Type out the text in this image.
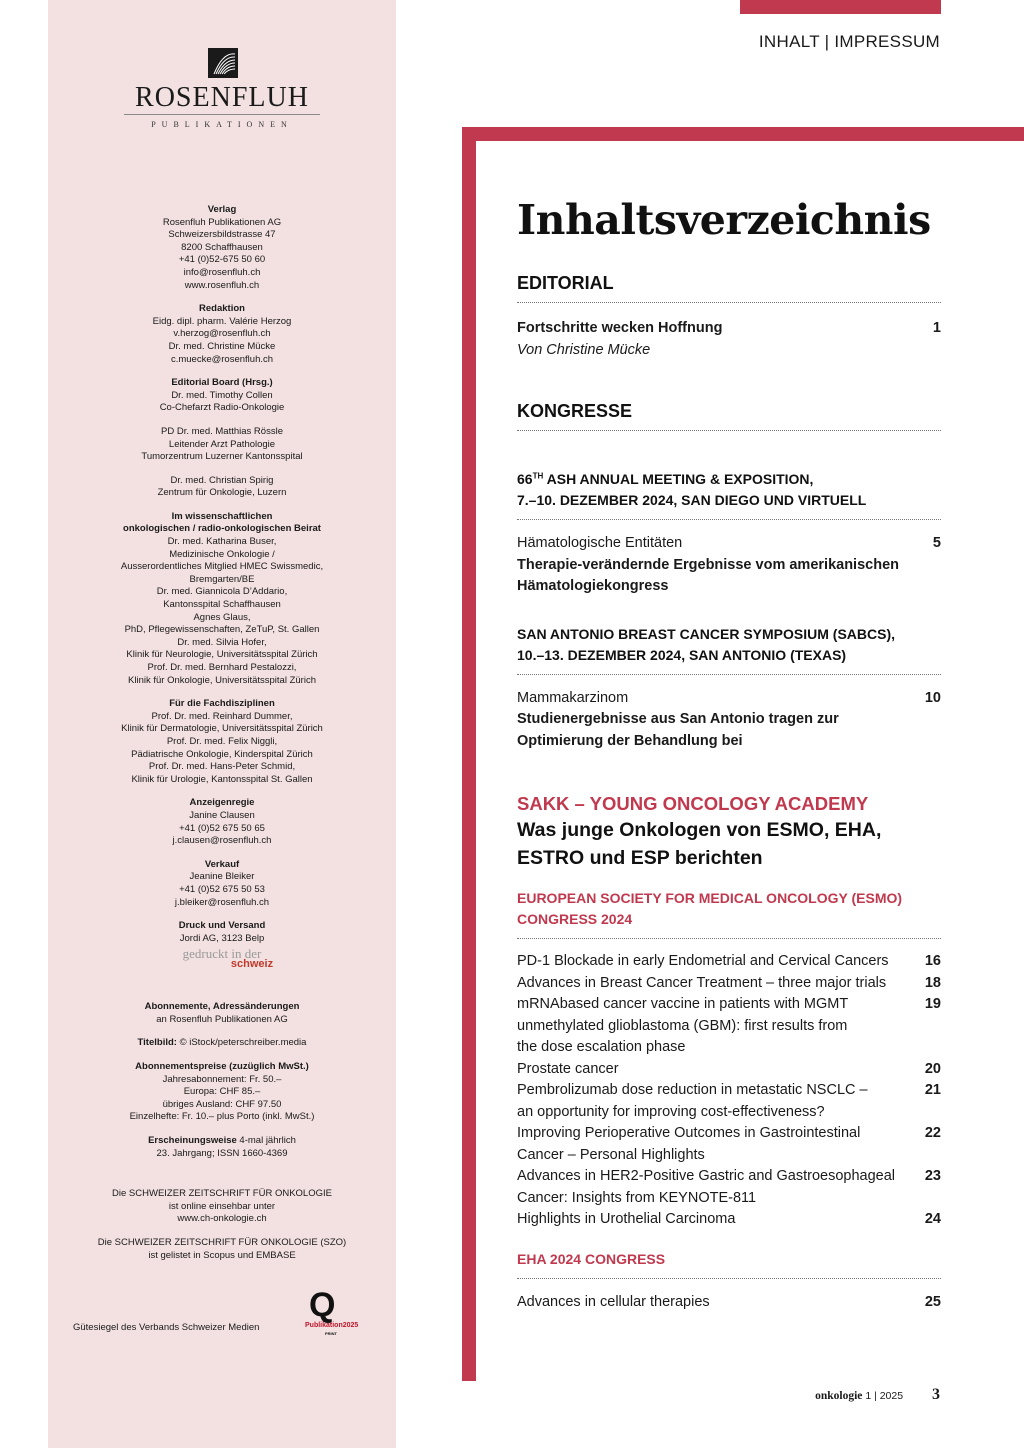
ROSENFLUH
PUBLIKATIONEN
Verlag
Rosenfluh Publikationen AG
Schweizersbildstrasse 47
8200 Schaffhausen
+41 (0)52-675 50 60
info@rosenfluh.ch
www.rosenfluh.ch
Redaktion
Eidg. dipl. pharm. Valérie Herzog
v.herzog@rosenfluh.ch
Dr. med. Christine Mücke
c.muecke@rosenfluh.ch
Editorial Board (Hrsg.)
Dr. med. Timothy Collen
Co-Chefarzt Radio-Onkologie
PD Dr. med. Matthias Rössle
Leitender Arzt Pathologie
Tumorzentrum Luzerner Kantonsspital
Dr. med. Christian Spirig
Zentrum für Onkologie, Luzern
Im wissenschaftlichen
onkologischen / radio-onkologischen Beirat
Dr. med. Katharina Buser,
Medizinische Onkologie /
Ausserordentliches Mitglied HMEC Swissmedic,
Bremgarten/BE
Dr. med. Giannicola D’Addario,
Kantonsspital Schaffhausen
Agnes Glaus,
PhD, Pflegewissenschaften, ZeTuP, St. Gallen
Dr. med. Silvia Hofer,
Klinik für Neurologie, Universitätsspital Zürich
Prof. Dr. med. Bernhard Pestalozzi,
Klinik für Onkologie, Universitätsspital Zürich
Für die Fachdisziplinen
Prof. Dr. med. Reinhard Dummer,
Klinik für Dermatologie, Universitätsspital Zürich
Prof. Dr. med. Felix Niggli,
Pädiatrische Onkologie, Kinderspital Zürich
Prof. Dr. med. Hans-Peter Schmid,
Klinik für Urologie, Kantonsspital St. Gallen
Anzeigenregie
Janine Clausen
+41 (0)52 675 50 65
j.clausen@rosenfluh.ch
Verkauf
Jeanine Bleiker
+41 (0)52 675 50 53
j.bleiker@rosenfluh.ch
Druck und Versand
Jordi AG, 3123 Belp
gedruckt in der
schweiz
Abonnemente, Adressänderungen
an Rosenfluh Publikationen AG
Titelbild: © iStock/peterschreiber.media
Abonnementspreise (zuzüglich MwSt.)
Jahresabonnement: Fr. 50.–
Europa: CHF 85.–
übriges Ausland: CHF 97.50
Einzelhefte: Fr. 10.– plus Porto (inkl. MwSt.)
Erscheinungsweise 4-mal jährlich
23. Jahrgang; ISSN 1660-4369
Die SCHWEIZER ZEITSCHRIFT FÜR ONKOLOGIE
ist online einsehbar unter
www.ch-onkologie.ch
Die SCHWEIZER ZEITSCHRIFT FÜR ONKOLOGIE (SZO)
ist gelistet in Scopus und EMBASE
Gütesiegel des Verbands Schweizer Medien
Q
Publikation2025
PRINT
INHALT | IMPRESSUM
Inhaltsverzeichnis
EDITORIAL
Fortschritte wecken Hoffnung	1
Von Christine Mücke
KONGRESSE
66TH ASH ANNUAL MEETING & EXPOSITION,
7.–10. DEZEMBER 2024, SAN DIEGO UND VIRTUELL
Hämatologische Entitäten	5
Therapie-verändernde Ergebnisse vom amerikanischen
Hämatologiekongress
SAN ANTONIO BREAST CANCER SYMPOSIUM (SABCS),
10.–13. DEZEMBER 2024, SAN ANTONIO (TEXAS)
Mammakarzinom	10
Studienergebnisse aus San Antonio tragen zur
Optimierung der Behandlung bei
SAKK – YOUNG ONCOLOGY ACADEMY
Was junge Onkologen von ESMO, EHA,
ESTRO und ESP berichten
EUROPEAN SOCIETY FOR MEDICAL ONCOLOGY (ESMO)
CONGRESS 2024
PD-1 Blockade in early Endometrial and Cervical Cancers	16
Advances in Breast Cancer Treatment – three major trials	18
mRNAbased cancer vaccine in patients with MGMT	19
unmethylated glioblastoma (GBM): first results from
the dose escalation phase
Prostate cancer	20
Pembrolizumab dose reduction in metastatic NSCLC –	21
an opportunity for improving cost-effectiveness?
Improving Perioperative Outcomes in Gastrointestinal	22
Cancer – Personal Highlights
Advances in HER2-Positive Gastric and Gastroesophageal	23
Cancer: Insights from KEYNOTE-811
Highlights in Urothelial Carcinoma	24
EHA 2024 CONGRESS
Advances in cellular therapies	25
onkologie 1 | 2025 3
